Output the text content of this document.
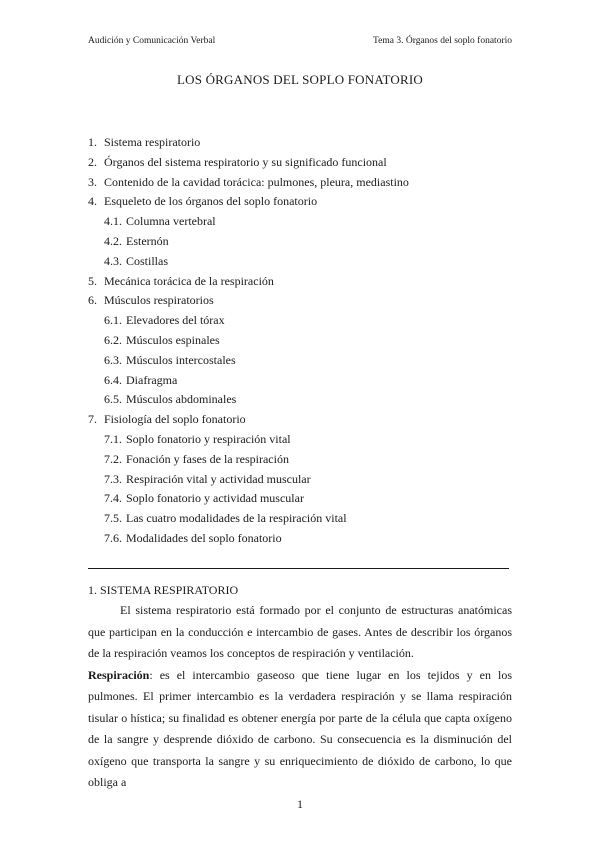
Audición y Comunicación Verbal	Tema 3. Órganos del soplo fonatorio
LOS ÓRGANOS DEL SOPLO FONATORIO
1. Sistema respiratorio
2. Órganos del sistema respiratorio y su significado funcional
3. Contenido de la cavidad torácica: pulmones, pleura, mediastino
4. Esqueleto de los órganos del soplo fonatorio
4.1. Columna vertebral
4.2. Esternón
4.3. Costillas
5. Mecánica torácica de la respiración
6. Músculos respiratorios
6.1. Elevadores del tórax
6.2. Músculos espinales
6.3. Músculos intercostales
6.4. Diafragma
6.5. Músculos abdominales
7. Fisiología del soplo fonatorio
7.1. Soplo fonatorio y respiración vital
7.2. Fonación y fases de la respiración
7.3. Respiración vital y actividad muscular
7.4. Soplo fonatorio y actividad muscular
7.5. Las cuatro modalidades de la respiración vital
7.6. Modalidades del soplo fonatorio
1. SISTEMA RESPIRATORIO

El sistema respiratorio está formado por el conjunto de estructuras anatómicas que participan en la conducción e intercambio de gases. Antes de describir los órganos de la respiración veamos los conceptos de respiración y ventilación.

Respiración: es el intercambio gaseoso que tiene lugar en los tejidos y en los pulmones. El primer intercambio es la verdadera respiración y se llama respiración tisular o hística; su finalidad es obtener energía por parte de la célula que capta oxígeno de la sangre y desprende dióxido de carbono. Su consecuencia es la disminución del oxígeno que transporta la sangre y su enriquecimiento de dióxido de carbono, lo que obliga a

1
